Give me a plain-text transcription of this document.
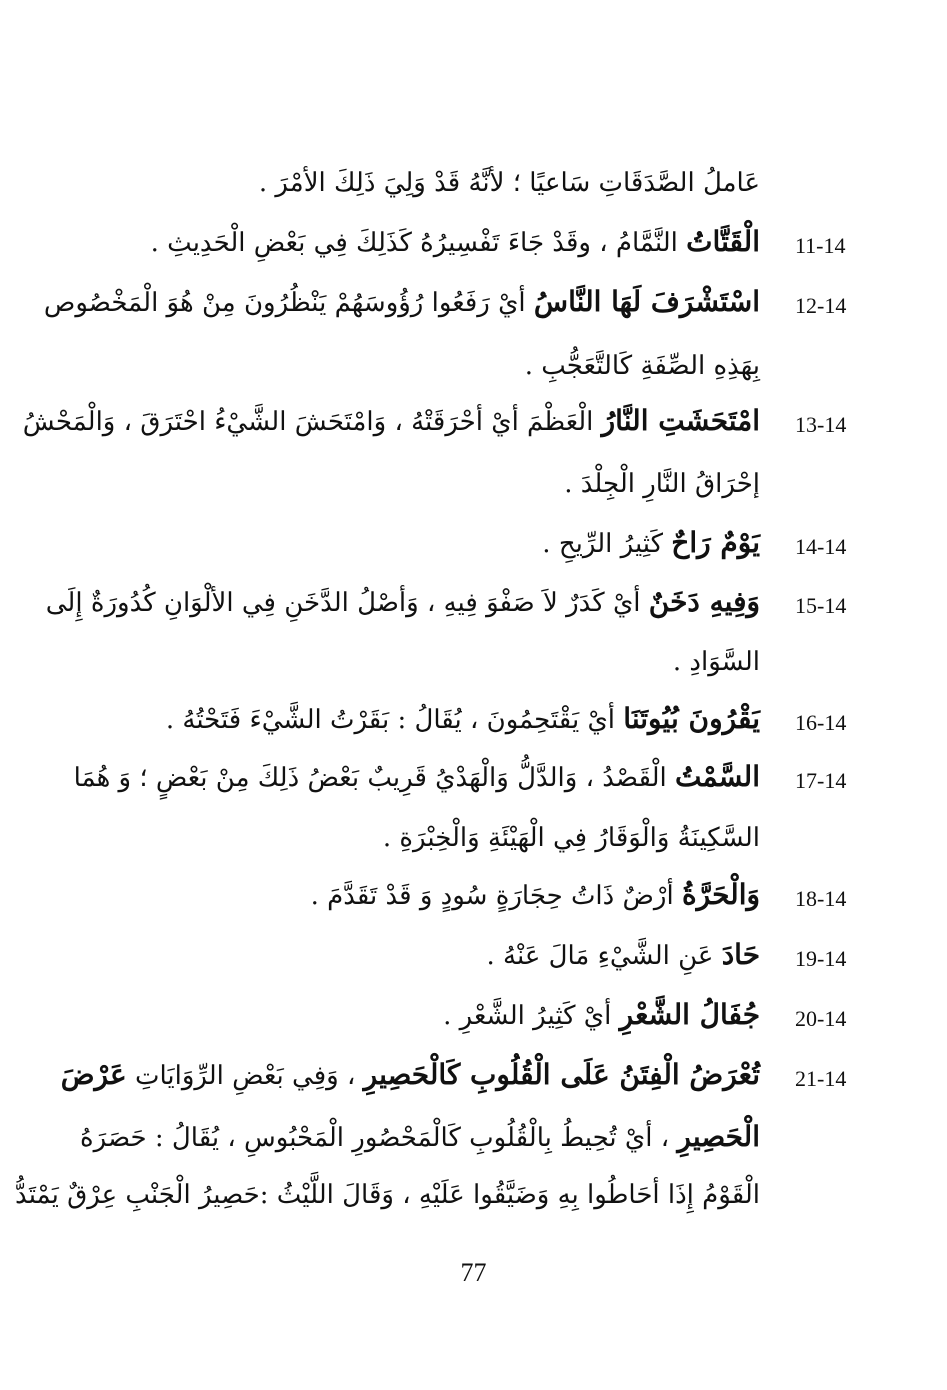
عَاملُ الصَّدَقَاتِ سَاعيًا ؛ لأنَّهُ قَدْ وَلِيَ ذَلِكَ الأمْرَ .
11-14
الْقَتَّاتُ النَّمَّامُ ، وقَدْ جَاءَ تَفْسِيرُهُ كَذَلِكَ فِي بَعْضِ الْحَدِيثِ .
12-14
اسْتَشْرَفَ لَهَا النَّاسُ أيْ رَفَعُوا رُؤُوسَهُمْ يَنْظُرُونَ مِنْ هُوَ الْمَخْصُوص
بِهَذِهِ الصِّفَةِ كَالتَّعَجُّبِ .
13-14
امْتَحَشَتِ النَّارُ الْعَظْمَ أيْ أحْرَقَتْهُ ، وَامْتَحَشَ الشَّيْءُ احْتَرَقَ ، وَالْمَحْشُ
إحْرَاقُ النَّارِ الْجِلْدَ .
14-14
يَوْمٌ رَاحٌ كَثِيرُ الرِّيحِ .
15-14
وَفِيهِ دَخَنٌ أيْ كَدَرٌ لاَ صَفْوَ فِيهِ ، وَأصْلُ الدَّخَنِ فِي الألْوَانِ كُدُورَةٌ إِلَى
السَّوَادِ .
16-14
يَقْرُونَ بُيُوتَنَا أيْ يَقْتَحِمُونَ ، يُقَالُ : بَقَرْتُ الشَّيْءَ فَتَحْتُهُ .
17-14
السَّمْتُ الْقَصْدُ ، وَالدَّلُّ وَالْهَدْيُ قَرِيبٌ بَعْضُ ذَلِكَ مِنْ بَعْضٍ ؛ وَ هُمَا
السَّكِينَةُ وَالْوَقَارُ فِي الْهَيْئَةِ وَالْخِبْرَةِ .
18-14
وَالْحَرَّةُ أرْضٌ ذَاتُ حِجَارَةٍ سُودٍ وَ قَدْ تَقَدَّمَ .
19-14
حَادَ عَنِ الشَّيْءِ مَالَ عَنْهُ .
20-14
جُفَالُ الشَّعْرِ أيْ كَثِيرُ الشَّعْرِ .
21-14
تُعْرَضُ الْفِتَنُ عَلَى الْقُلُوبِ كَالْحَصِيرِ ، وَفِي بَعْضِ الرِّوَايَاتِ عَرْضَ
الْحَصِيرِ ، أيْ تُحِيطُ بِالْقُلُوبِ كَالْمَحْصُورِ الْمَحْبُوسِ ، يُقَالُ : حَصَرَهُ
الْقَوْمُ إِذَا أحَاطُوا بِهِ وَضَيَّقُوا عَلَيْهِ ، وَقَالَ اللَّيْثُ :حَصِيرُ الْجَنْبِ عِرْقٌ يَمْتَدُّ
77
